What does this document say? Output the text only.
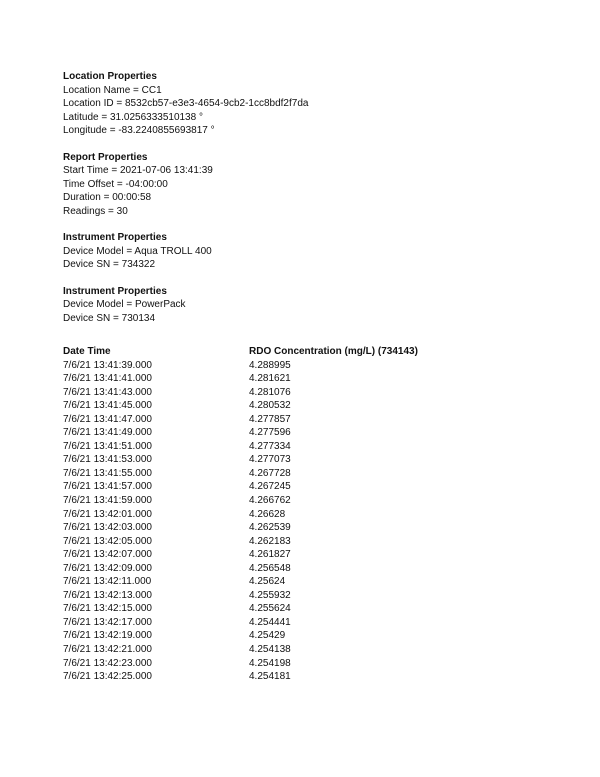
Location Properties
Location Name = CC1
Location ID = 8532cb57-e3e3-4654-9cb2-1cc8bdf2f7da
Latitude = 31.0256333510138 °
Longitude = -83.2240855693817 °
Report Properties
Start Time = 2021-07-06 13:41:39
Time Offset = -04:00:00
Duration = 00:00:58
Readings = 30
Instrument Properties
Device Model = Aqua TROLL 400
Device SN = 734322
Instrument Properties
Device Model = PowerPack
Device SN = 730134
Date Time	RDO Concentration (mg/L) (734143)
7/6/21 13:41:39.000	4.288995
7/6/21 13:41:41.000	4.281621
7/6/21 13:41:43.000	4.281076
7/6/21 13:41:45.000	4.280532
7/6/21 13:41:47.000	4.277857
7/6/21 13:41:49.000	4.277596
7/6/21 13:41:51.000	4.277334
7/6/21 13:41:53.000	4.277073
7/6/21 13:41:55.000	4.267728
7/6/21 13:41:57.000	4.267245
7/6/21 13:41:59.000	4.266762
7/6/21 13:42:01.000	4.26628
7/6/21 13:42:03.000	4.262539
7/6/21 13:42:05.000	4.262183
7/6/21 13:42:07.000	4.261827
7/6/21 13:42:09.000	4.256548
7/6/21 13:42:11.000	4.25624
7/6/21 13:42:13.000	4.255932
7/6/21 13:42:15.000	4.255624
7/6/21 13:42:17.000	4.254441
7/6/21 13:42:19.000	4.25429
7/6/21 13:42:21.000	4.254138
7/6/21 13:42:23.000	4.254198
7/6/21 13:42:25.000	4.254181
